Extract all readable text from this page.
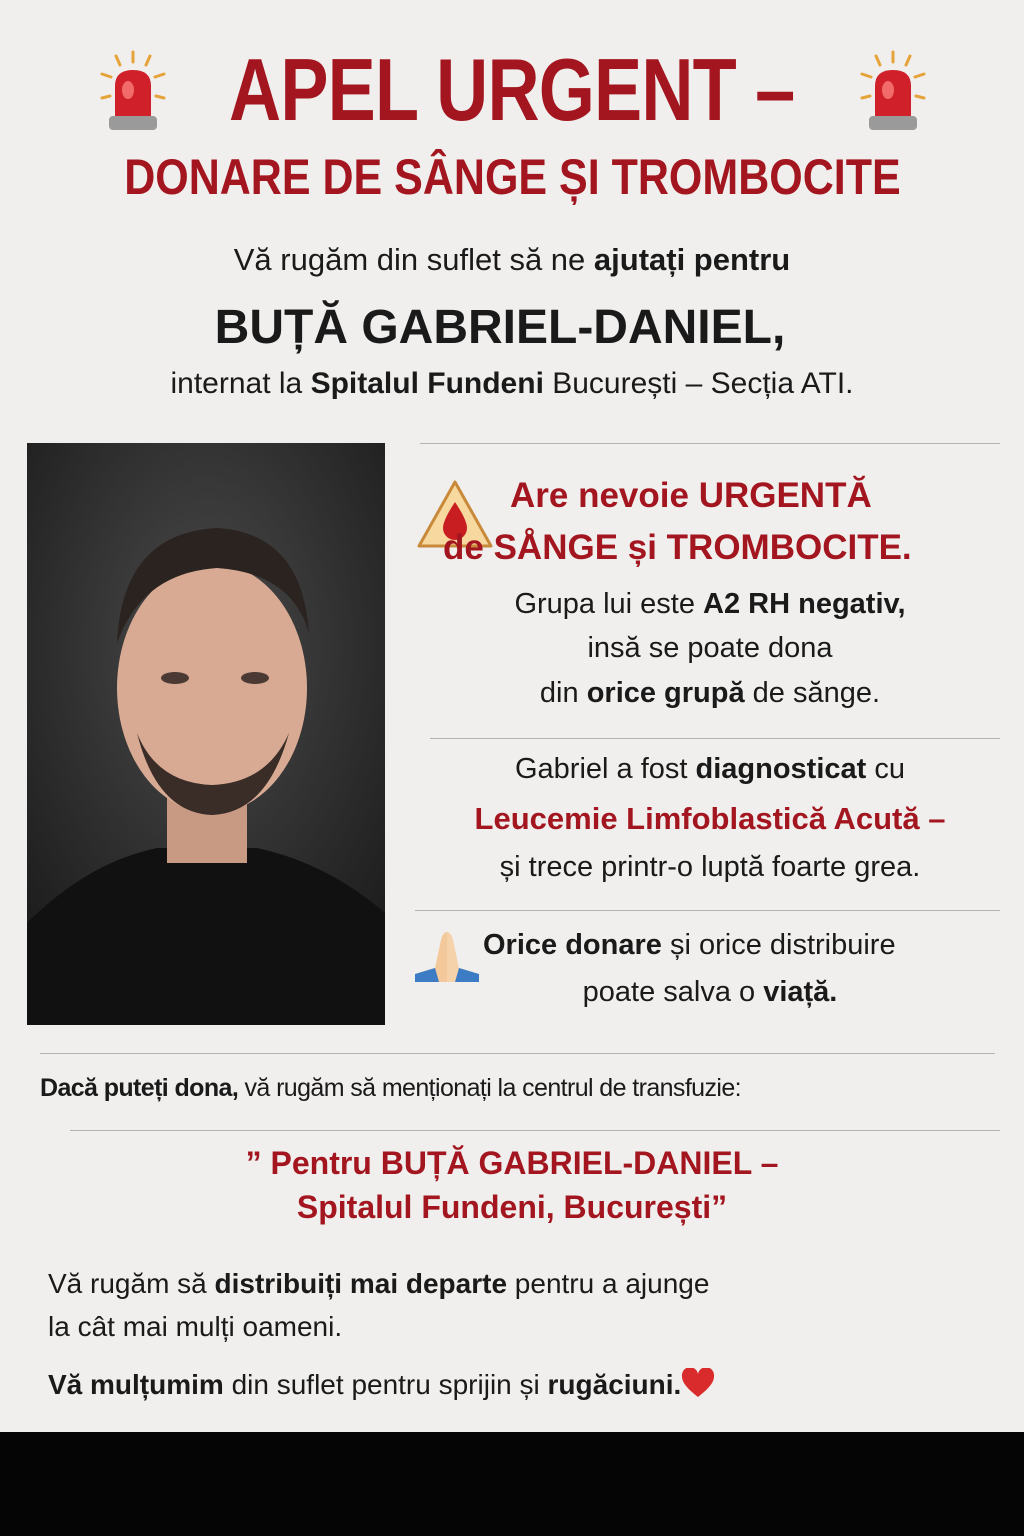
APEL URGENT –
DONARE DE SÂNGE ȘI TROMBOCITE
Vă rugăm din suflet să ne ajutați pentru
BUȚĂ GABRIEL-DANIEL,
internat la Spitalul Fundeni București – Secția ATI.
Are nevoie URGENTĂ
de SÅNGE și TROMBOCITE.
Grupa lui este A2 RH negativ,
insă se poate dona
din orice grupă de sănge.
Gabriel a fost diagnosticat cu
Leucemie Limfoblastică Acută –
și trece printr-o luptă foarte grea.
Orice donare și orice distribuire
poate salva o viață.
Dacă puteți dona, vă rugăm să menționați la centrul de transfuzie:
” Pentru BUȚĂ GABRIEL-DANIEL –
Spitalul Fundeni, București”
Vă rugăm să distribuiți mai departe pentru a ajunge
la cât mai mulți oameni.
Vă mulțumim din suflet pentru sprijin și rugăciuni.
